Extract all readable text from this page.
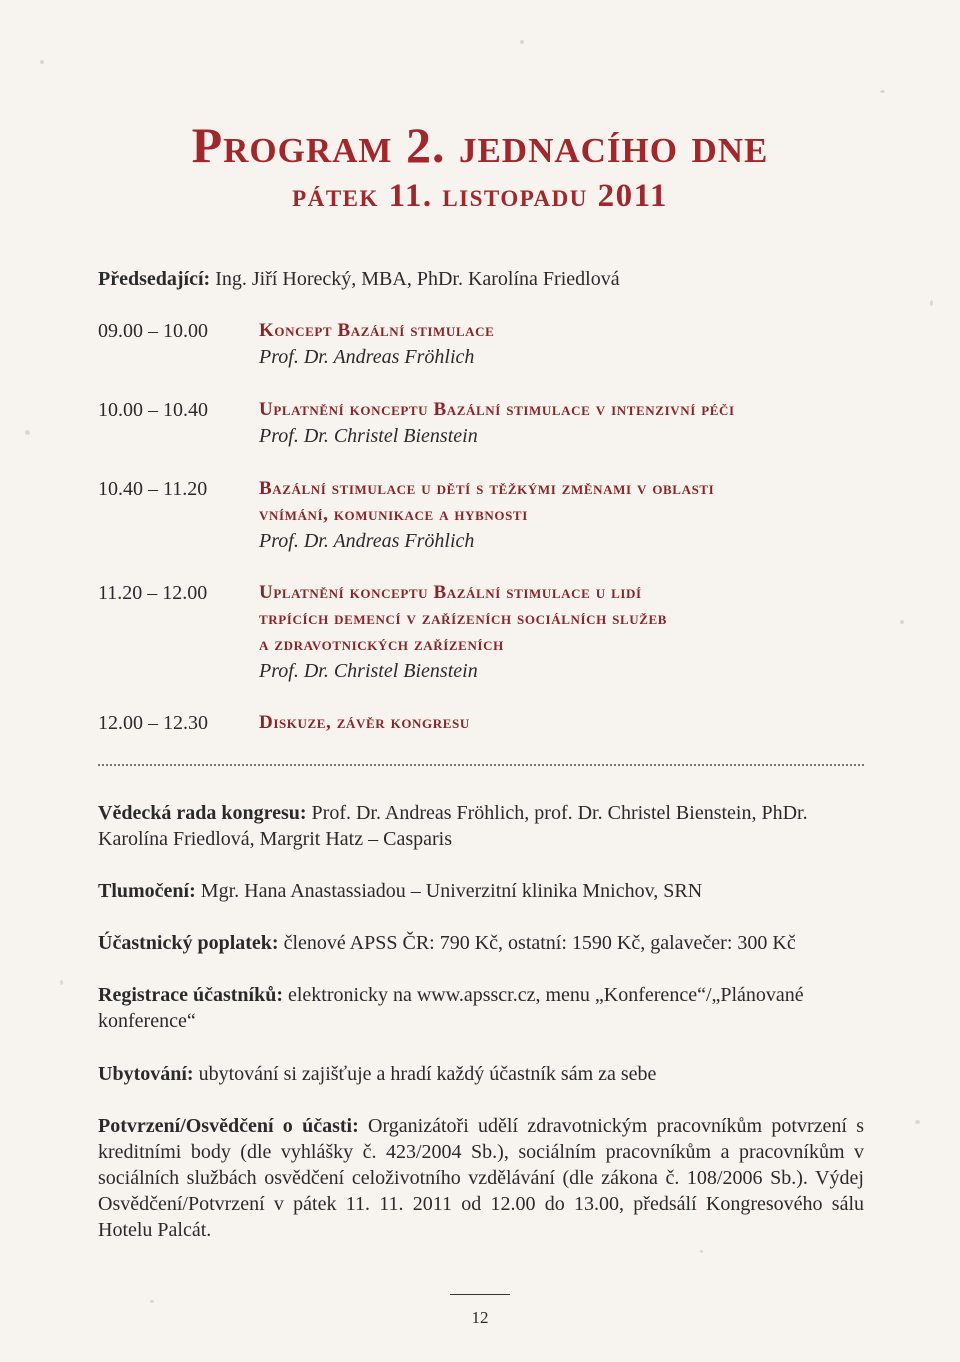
Program 2. jednacího dne
pátek 11. listopadu 2011
Předsedající: Ing. Jiří Horecký, MBA, PhDr. Karolína Friedlová
09.00 – 10.00	Koncept Bazální stimulace
Prof. Dr. Andreas Fröhlich
10.00 – 10.40	Uplatnění konceptu Bazální stimulace v intenzivní péči
Prof. Dr. Christel Bienstein
10.40 – 11.20	Bazální stimulace u dětí s těžkými změnami v oblasti
vnímání, komunikace a hybnosti
Prof. Dr. Andreas Fröhlich
11.20 – 12.00	Uplatnění konceptu Bazální stimulace u lidí
trpících demencí v zařízeních sociálních služeb
a zdravotnických zařízeních
Prof. Dr. Christel Bienstein
12.00 – 12.30	Diskuze, závěr kongresu
Vědecká rada kongresu: Prof. Dr. Andreas Fröhlich, prof. Dr. Christel Bienstein, PhDr. Karolína Friedlová, Margrit Hatz – Casparis
Tlumočení: Mgr. Hana Anastassiadou – Univerzitní klinika Mnichov, SRN
Účastnický poplatek: členové APSS ČR: 790 Kč, ostatní: 1590 Kč, galavečer: 300 Kč
Registrace účastníků: elektronicky na www.apsscr.cz, menu „Konference“/„Plánované konference“
Ubytování: ubytování si zajišťuje a hradí každý účastník sám za sebe
Potvrzení/Osvědčení o účasti: Organizátoři udělí zdravotnickým pracovníkům potvrzení s kreditními body (dle vyhlášky č. 423/2004 Sb.), sociálním pracovníkům a pracovníkům v sociálních službách osvědčení celoživotního vzdělávání (dle zákona č. 108/2006 Sb.). Výdej Osvědčení/Potvrzení v pátek 11. 11. 2011 od 12.00 do 13.00, předsálí Kongresového sálu Hotelu Palcát.
12
